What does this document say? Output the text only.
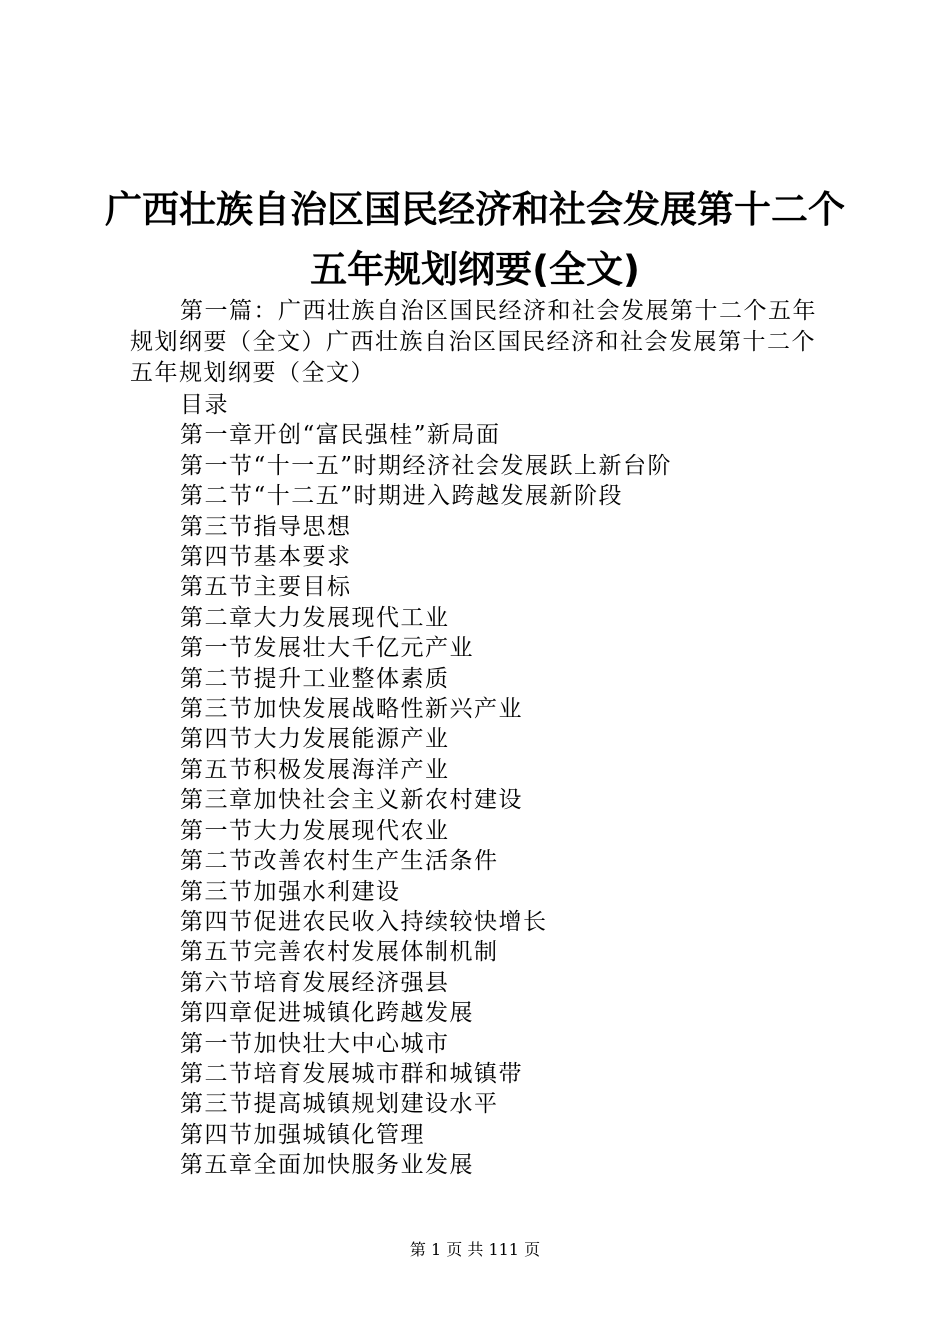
广西壮族自治区国民经济和社会发展第十二个
五年规划纲要(全文)

第一篇：广西壮族自治区国民经济和社会发展第十二个五年规划纲要（全文）广西壮族自治区国民经济和社会发展第十二个五年规划纲要（全文）

目录
第一章开创“富民强桂”新局面
第一节“十一五”时期经济社会发展跃上新台阶
第二节“十二五”时期进入跨越发展新阶段
第三节指导思想
第四节基本要求
第五节主要目标
第二章大力发展现代工业
第一节发展壮大千亿元产业
第二节提升工业整体素质
第三节加快发展战略性新兴产业
第四节大力发展能源产业
第五节积极发展海洋产业
第三章加快社会主义新农村建设
第一节大力发展现代农业
第二节改善农村生产生活条件
第三节加强水利建设
第四节促进农民收入持续较快增长
第五节完善农村发展体制机制
第六节培育发展经济强县
第四章促进城镇化跨越发展
第一节加快壮大中心城市
第二节培育发展城市群和城镇带
第三节提高城镇规划建设水平
第四节加强城镇化管理
第五章全面加快服务业发展
第 1 页 共 111 页
